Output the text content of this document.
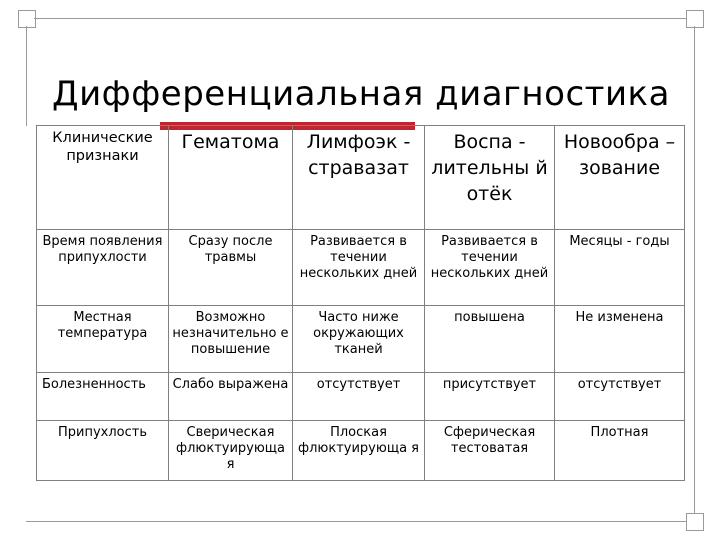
Дифференциальная диагностика
Клинические признаки	Гематома	Лимфоэк - стравазат	Воспа - лительны й отёк	Новообра – зование
Время появления припухлости	Сразу после травмы	Развивается в течении нескольких дней	Развивается в течении нескольких дней	Месяцы - годы
Местная температура	Возможно незначительно е повышение	Часто ниже окружающих тканей	повышена	Не изменена
Болезненность	Слабо выражена	отсутствует	присутствует	отсутствует
Припухлость	Сверическая флюктуирующа я	Плоская флюктуирующа я	Сферическая тестоватая	Плотная
